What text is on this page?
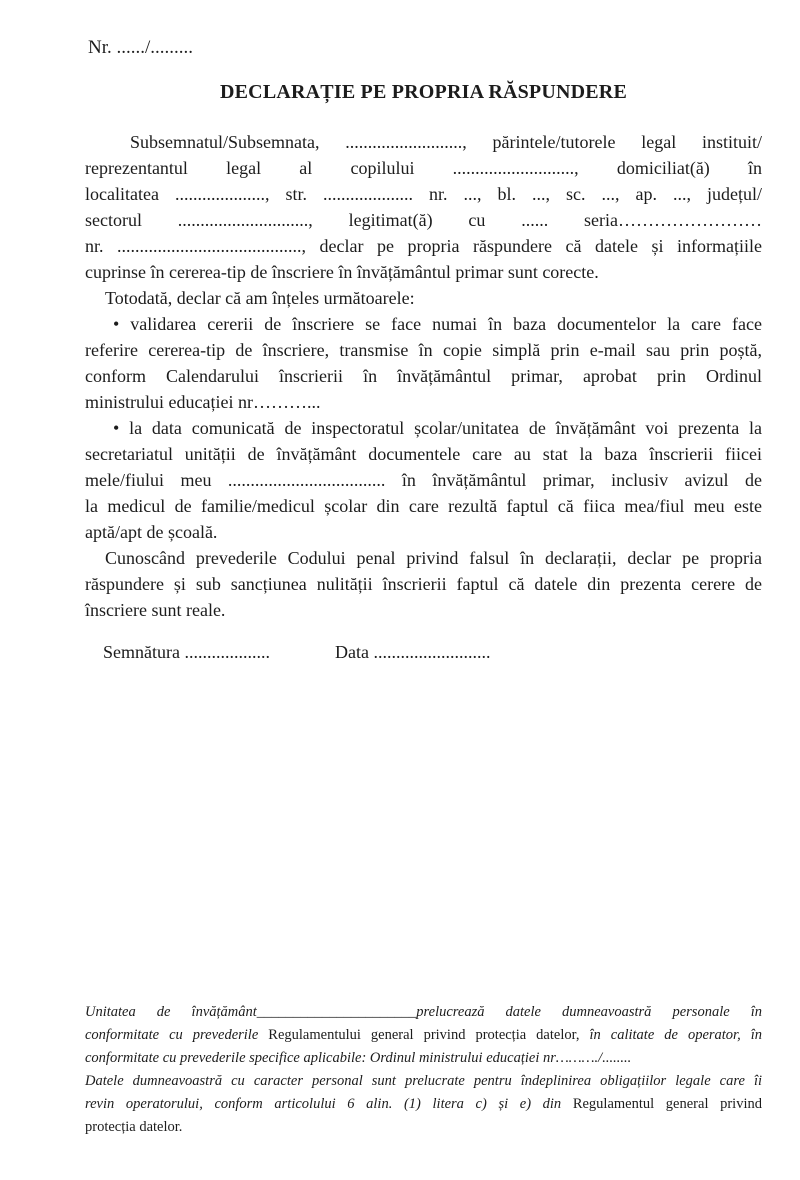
Nr. ....../.........
DECLARAȚIE PE PROPRIA RĂSPUNDERE
Subsemnatul/Subsemnata, .........................., părintele/tutorele legal instituit/
reprezentantul legal al copilului ..........................., domiciliat(ă) în
localitatea ...................., str. .................... nr. ..., bl. ..., sc. ..., ap. ..., județul/
sectorul ............................., legitimat(ă) cu ...... seria……………………
nr. ........................................., declar pe propria răspundere că datele și informațiile
cuprinse în cererea-tip de înscriere în învățământul primar sunt corecte.
Totodată, declar că am înțeles următoarele:
• validarea cererii de înscriere se face numai în baza documentelor la care face
referire cererea-tip de înscriere, transmise în copie simplă prin e-mail sau prin poștă,
conform Calendarului înscrierii în învățământul primar, aprobat prin Ordinul
ministrului educației nr………...
• la data comunicată de inspectoratul școlar/unitatea de învățământ voi prezenta la
secretariatul unității de învățământ documentele care au stat la baza înscrierii fiicei
mele/fiului meu ................................... în învățământul primar, inclusiv avizul de
la medicul de familie/medicul școlar din care rezultă faptul că fiica mea/fiul meu este
aptă/apt de școală.
Cunoscând prevederile Codului penal privind falsul în declarații, declar pe propria
răspundere și sub sancțiunea nulității înscrierii faptul că datele din prezenta cerere de
înscriere sunt reale.
Semnătura ...................	Data ..........................
Unitatea de învățământ______________________prelucrează datele dumneavoastră personale în
conformitate cu prevederile Regulamentului general privind protecția datelor, în calitate de operator, în
conformitate cu prevederile specifice aplicabile: Ordinul ministrului educației nr………./........
Datele dumneavoastră cu caracter personal sunt prelucrate pentru îndeplinirea obligațiilor legale care îi
revin operatorului, conform articolului 6 alin. (1) litera c) și e) din Regulamentul general privind
protecția datelor.
